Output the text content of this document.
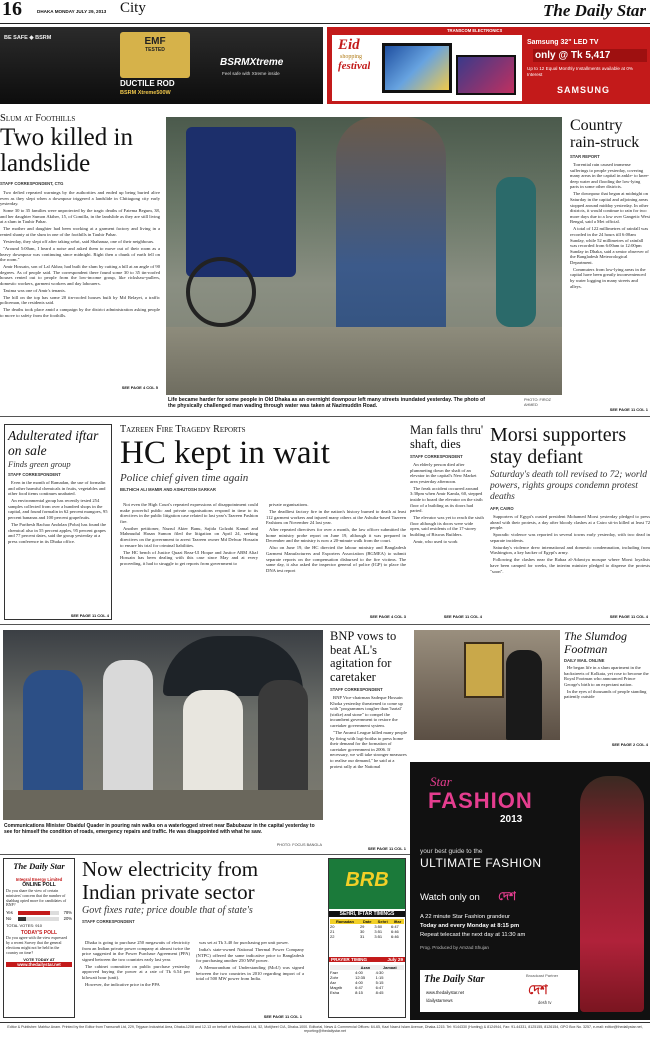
16	DHAKA MONDAY JULY 29, 2013 City	The Daily Star
BE SAFE ◆ BSRM	EMF
TESTED
DUCTILE ROD
BSRM Xtreme500W
BSRMXtreme
Feel safe with Xtreme inside
TRANSCOM ELECTRONICS
Eid
shopping
festival
Samsung 32" LED TV
only @ Tk 5,417
Up to 12 Equal Monthly Installments available at 0% Interest
SAMSUNG
Slum at Foothills
Two killed in landslide
STAFF CORRESPONDENT, CTG

Two defied repeated warnings by the authorities and ended up being buried alive even as they slept when a downpour triggered a landslide in Chittagong city early yesterday.

Some 30 to 35 families were unprotected by the tragic deaths of Fatema Begum, 38, and her daughter Sumon Akther, 15, of Comilla, in the landslide as they are still living at a slum in Tauhir Pahar.

The mother and daughter had been working at a garment factory and living in a rented shanty at the slum in one of the foothills in Tauhir Pahar.

Yesterday, they slept off after taking sehri, said Shahanaz, one of their neighbours.

"Around 5:00am, I heard a noise and asked them to move out of their room as a heavy downpour was continuing since midnight. Right then a chunk of earth fell on the room."

Amir Hossain, son of Lal Akbar, had built the slum by cutting a hill at an angle of 90 degrees. As of people said. The correspondent there found some 30 to 35 tin-roofed houses rented out to people from the low-income group, like rickshaw-pullers, domestic workers, garment workers and day labourers.

Tasima was one of Amir's tenants.

The hill on the top has some 20 tin-roofed houses built by Md Belayet, a traffic policeman, the residents said.

The deaths took place amid a campaign by the district administration asking people to move to safety from the foothills.

SEE PAGE 4 COL 5
Life became harder for some people in Old Dhaka as an overnight downpour left many streets inundated yesterday. The photo of the physically challenged man wading through water was taken at Nazimuddin Road.
PHOTO: FIROZ AHMED
Country rain-struck
STAR REPORT

Torrential rain caused immense sufferings to people yesterday, covering many areas in the capital in ankle- to knee-deep water and flooding the low-lying parts in some other districts.

The downpour that began at midnight on Saturday in the capital and adjoining areas stopped around midday yesterday. In other districts, it would continue to rain for two more days due to a low over Gangetic West Bengal, said a Met official.

A total of 122 millimetres of rainfall was recorded in the 24 hours till 6:00am Sunday, while 52 millimetres of rainfall was recorded from 6:00am to 12:00pm Sunday in Dhaka, said a senior observer of the Bangladesh Meteorological Department.

Commuters from low-lying areas in the capital have been greatly inconvenienced by water logging in many streets and alleys.

SEE PAGE 11 COL 1
Adulterated iftar on sale
Finds green group
STAFF CORRESPONDENT

Even in the month of Ramadan, the use of formalin and other harmful chemicals in fruits, vegetables and other food items continues unabated.

An environmental group has recently tested 254 samples collected from over a hundred shops in the capital, and found formalin in 62 percent mangoes, 95 percent bananas and 100 percent grapefruits.

The Paribesh Bachao Andolan (Poba) has found the chemical also in 55 percent apples, 95 percent grapes and 77 percent dates, said the group yesterday at a press conference in its Dhaka office.

SEE PAGE 11 COL 4
Tazreen Fire Tragedy Reports
HC kept in wait
Police chief given time again
BILTHICH ALI MAMIR AND ASHUTOSH SARKAR

Not even the High Court's repeated expressions of disappointment could make powerful public and private organisations respond in time to its directives in the public litigation case related to last year's Tazreen Fashion fire.

Another petitioner, Nazrul Akter Banu, Sajida Golzabi Kamal and Mahmudul Hasan Sumon filed the litigation on April 24, seeking directives on the government to arrest Tazreen owner Md Delwar Hossain to ensure his trial for criminal liabilities.

The HC bench of Justice Quazi Reza-Ul Hoque and Justice ABM Altaf Hossain has been dealing with this case since May and at every proceeding, it had to struggle to get reports from government to

private organisations.

The deadliest factory fire in the nation's history burned to death at least 112 garment workers and injured many others at the Ashulia-based Tazreen Fashions on November 24 last year.

After repeated directives for over a month, the law officer submitted the home ministry probe report on June 19, although it was prepared in December and the ministry is now a 20-minute walk from the court.

Also on June 19, the HC directed the labour ministry and Bangladesh Garment Manufacturers and Exporters Association (BGMEA) to submit separate reports on the compensation disbursed to the fire victims. The same day, it also asked the inspector general of police (IGP) to place the DNA test report

SEE PAGE 4 COL 3
Man falls thru' shaft, dies
STAFF CORRESPONDENT

An elderly person died after plummeting down the shaft of an elevator in the capital's New Market area yesterday afternoon.

The freak accident occurred around 3:30pm when Amir Kamla, 60, stepped inside to board the elevator on the sixth floor of a building as its doors had parted.

The elevator was yet to reach the sixth floor although its doors were wide open, said residents of the 17-storey building of Biswas Builders.

Amir, who used to work

SEE PAGE 11 COL 4
Morsi supporters stay defiant
Saturday's death toll revised to 72; world powers, rights groups condemn protest deaths
AFP, CAIRO

Supporters of Egypt's ousted president Mohamed Morsi yesterday pledged to press ahead with their protests, a day after bloody clashes at a Cairo sit-in killed at least 72 people.

Sporadic violence was reported in several towns early yesterday, with two dead in separate incidents.

Saturday's violence drew international and domestic condemnation, including from Washington, a key backer of Egypt's army.

Following the clashes near the Rabaa al-Adawiya mosque where Morsi loyalists have been camped for weeks, the interim minister pledged to disperse the protests "soon".

SEE PAGE 11 COL 4
Communications Minister Obaidul Quader in pouring rain walks on a waterlogged street near Babubazar in the capital yesterday to see for himself the condition of roads, emergency repairs and traffic. He was disappointed with what he saw.
PHOTO: FOCUS BANGLA
BNP vows to beat AL's agitation for caretaker
STAFF CORRESPONDENT

BNP Vice-chairman Sadeque Hossain Khoka yesterday threatened to come up with "programmes tougher than 'hartal' (strike) and stone" to compel the incumbent government to restore the caretaker government system.

"The Awami League killed many people by firing with logi-boitha to press home their demand for the formation of caretaker government in 2006. If necessary, we will take stronger measures to realise our demand," he said at a protest rally at the National

SEE PAGE 11 COL 1
The Slumdog Footman
DAILY MAIL ONLINE

He began life in a slum apartment in the backstreets of Kolkata, yet rose to become the Royal Footman who announced Prince George's birth to an expectant nation.

In the eyes of thousands of people standing patiently outside

SEE PAGE 2 COL 4
The Daily Star
Integral Energy Limited
ONLINE POLL
Do you share the view of certain ministers' concern that the number of shahbag opted more for candidates of BNP?
Yes	78%
No	20%
TOTAL VOTES: 910
TODAY'S POLL
Do you agree with the view expressed by a recent Survey that the general elections might not be held in the country on time?
VOTE TODAY AT
www.thedailystar.net
Now electricity from Indian private sector
Govt fixes rate; price double that of state's
STAFF CORRESPONDENT

Dhaka is going to purchase 250 megawatts of electricity from an Indian private power company at almost twice the price suggested in the Power Purchase Agreement (PPA) signed between the two countries early last year.

The cabinet committee on public purchase yesterday approved buying the power at a rate of Tk 6.54 per kilowatt hour (unit).

However, the indicative price in the PPA

was set at Tk 3.40 for purchasing per unit power.

India's state-owned National Thermal Power Company (NTPC) offered the same indicative price to Bangladesh for purchasing another 250 MW power.

A Memorandum of Understanding (MoU) was signed between the two countries in 2010 regarding import of a total of 500 MW power from India.

SEE PAGE 11 COL 1
BRB
SEHRI, IFTAR TIMINGS
Ramadan	Date	Sehri	Iftar
20	29	3:50	6:47
21	30	3:51	6:46
22	31	3:51	6:46
PRAYER TIMING	July 29
	Azan	Jamaat
Fazr	4:00	4:30
Zohr	12:35	1:15
Asr	4:00	5:15
Magrib	6:47	6:47
Esha	8:15	8:45
Star
FASHION
2013
your best guide to the
ULTIMATE FASHION
Watch only on দেশ
A 22 minute Star Fashion grandeur
Today and every Monday at 8:15 pm
Repeat telecast the next day at 11:30 am
Prog. Produced by Amzad Shujan
The Daily Star
www.thedailystar.net
/dailystarnews
Broadcast Partner
দেশ
desh tv
Editor & Publisher: Mahfuz Anam. Printed by the Editor from Transcraft Ltd, 229, Tejgaon Industrial Area, Dhaka-1208 and 12-13 on behalf of Mediaworld Ltd, 52, Motijheel C/A, Dhaka-1000. Editorial, News & Commercial Offices: 64-65, Kazi Nazrul Islam Avenue, Dhaka-1215. Tel: 9144330 (Hunting) & 8124944, Fax: 91-44331, 8125155, 8126154, GPO Box No. 3257, e-mail: editor@thedailystar.net, reporting@thedailystar.net
